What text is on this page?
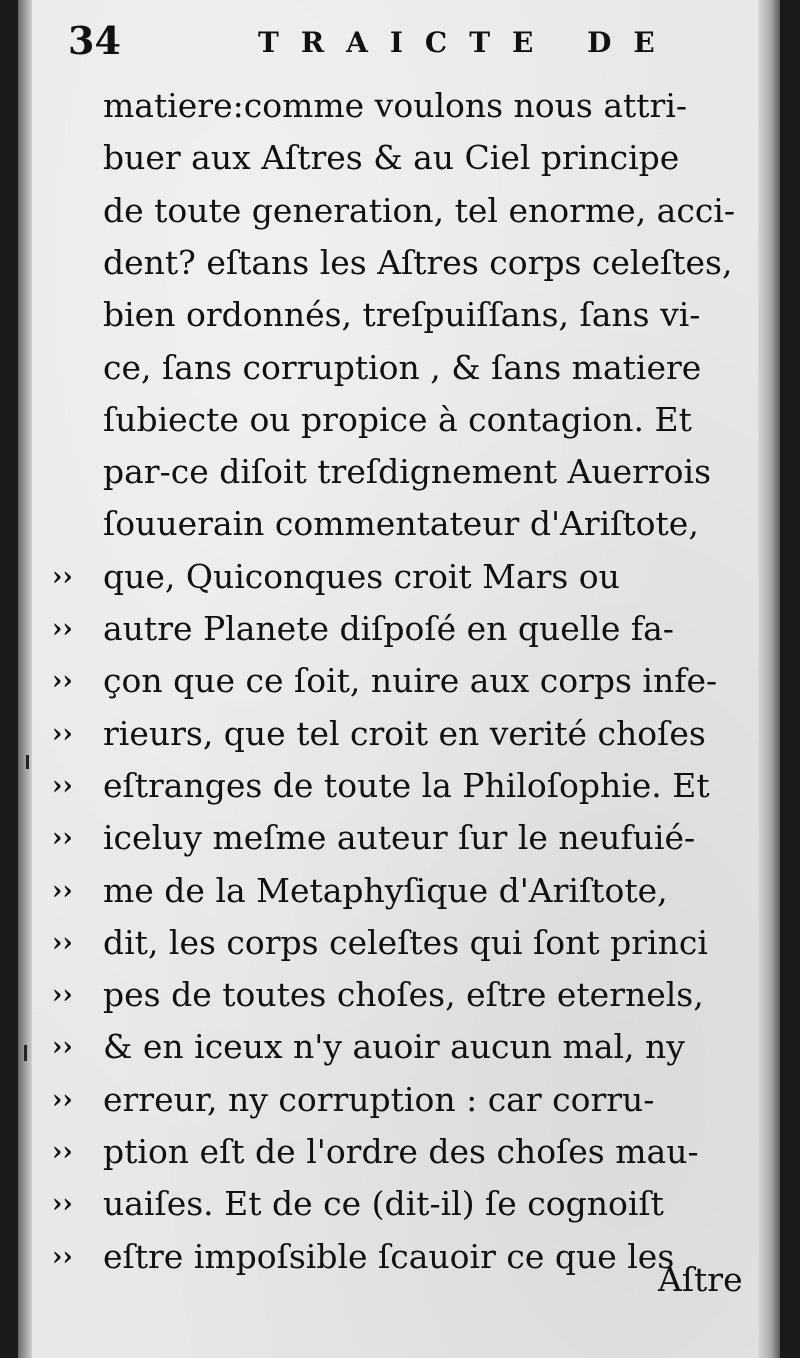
34	TRAICTE DE
matiere:comme voulons nous attri-
buer aux Aſtres & au Ciel principe
de toute generation, tel enorme, acci-
dent? eſtans les Aſtres corps celeſtes,
bien ordonnés, treſpuiſſans, ſans vi-
ce, ſans corruption , & ſans matiere
ſubiecte ou propice à contagion. Et
par-ce diſoit treſdignement Auerrois
ſouuerain commentateur d'Ariſtote,
›› que, Quiconques croit Mars ou
›› autre Planete diſpoſé en quelle fa-
›› çon que ce ſoit, nuire aux corps infe-
›› rieurs, que tel croit en verité choſes
›› eſtranges de toute la Philoſophie. Et
›› iceluy meſme auteur ſur le neufuié-
›› me de la Metaphyſique d'Ariſtote,
›› dit, les corps celeſtes qui ſont princi
›› pes de toutes choſes, eſtre eternels,
›› & en iceux n'y auoir aucun mal, ny
›› erreur, ny corruption : car corru-
›› ption eſt de l'ordre des choſes mau-
›› uaiſes. Et de ce (dit-il) ſe cognoiſt
›› eſtre impoſsible ſcauoir ce que les
Aſtre
